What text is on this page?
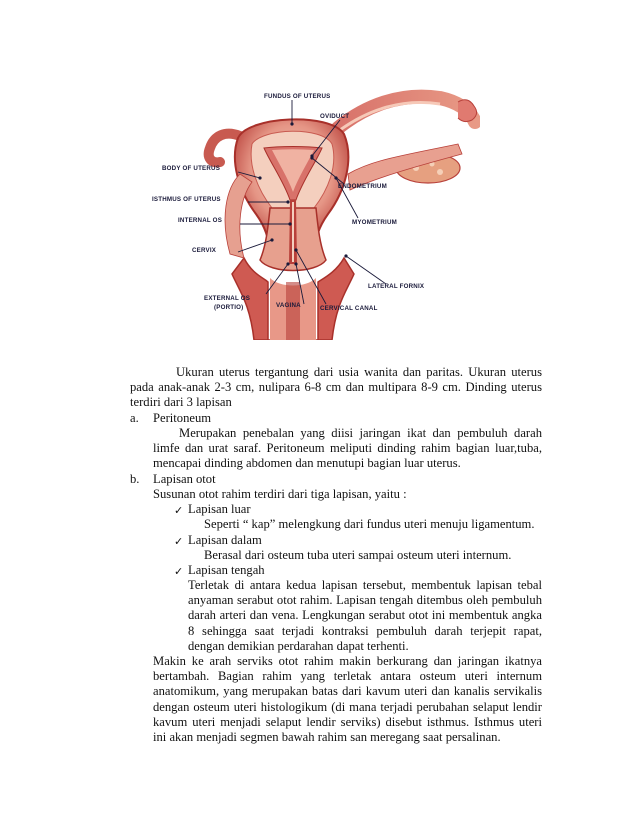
FUNDUS OF UTERUS
OVIDUCT
BODY OF UTERUS
ENDOMETRIUM
ISTHMUS OF UTERUS
MYOMETRIUM
INTERNAL OS
CERVIX
LATERAL FORNIX
EXTERNAL OS
(PORTIO)	VAGINA	CERVICAL CANAL
Ukuran uterus tergantung dari usia wanita dan paritas. Ukuran uterus pada anak-anak 2-3 cm, nulipara 6-8 cm dan multipara 8-9 cm. Dinding uterus terdiri dari 3 lapisan
a. Peritoneum
Merupakan penebalan yang diisi jaringan ikat dan pembuluh darah limfe dan urat saraf. Peritoneum meliputi dinding rahim bagian luar,tuba, mencapai dinding abdomen dan menutupi bagian luar uterus.
b. Lapisan otot
Susunan otot rahim terdiri dari tiga lapisan, yaitu :
✓ Lapisan luar
Seperti “ kap” melengkung dari fundus uteri menuju ligamentum.
✓ Lapisan dalam
Berasal dari osteum tuba uteri sampai osteum uteri internum.
✓ Lapisan tengah
Terletak di antara kedua lapisan tersebut, membentuk lapisan tebal anyaman serabut otot rahim. Lapisan tengah ditembus oleh pembuluh darah arteri dan vena. Lengkungan serabut otot ini membentuk angka 8 sehingga saat terjadi kontraksi pembuluh darah terjepit rapat, dengan demikian perdarahan dapat terhenti.
Makin ke arah serviks otot rahim makin berkurang dan jaringan ikatnya bertambah. Bagian rahim yang terletak antara osteum uteri internum anatomikum, yang merupakan batas dari kavum uteri dan kanalis servikalis dengan osteum uteri histologikum (di mana terjadi perubahan selaput lendir kavum uteri menjadi selaput lendir serviks) disebut isthmus. Isthmus uteri ini akan menjadi segmen bawah rahim san meregang saat persalinan.
